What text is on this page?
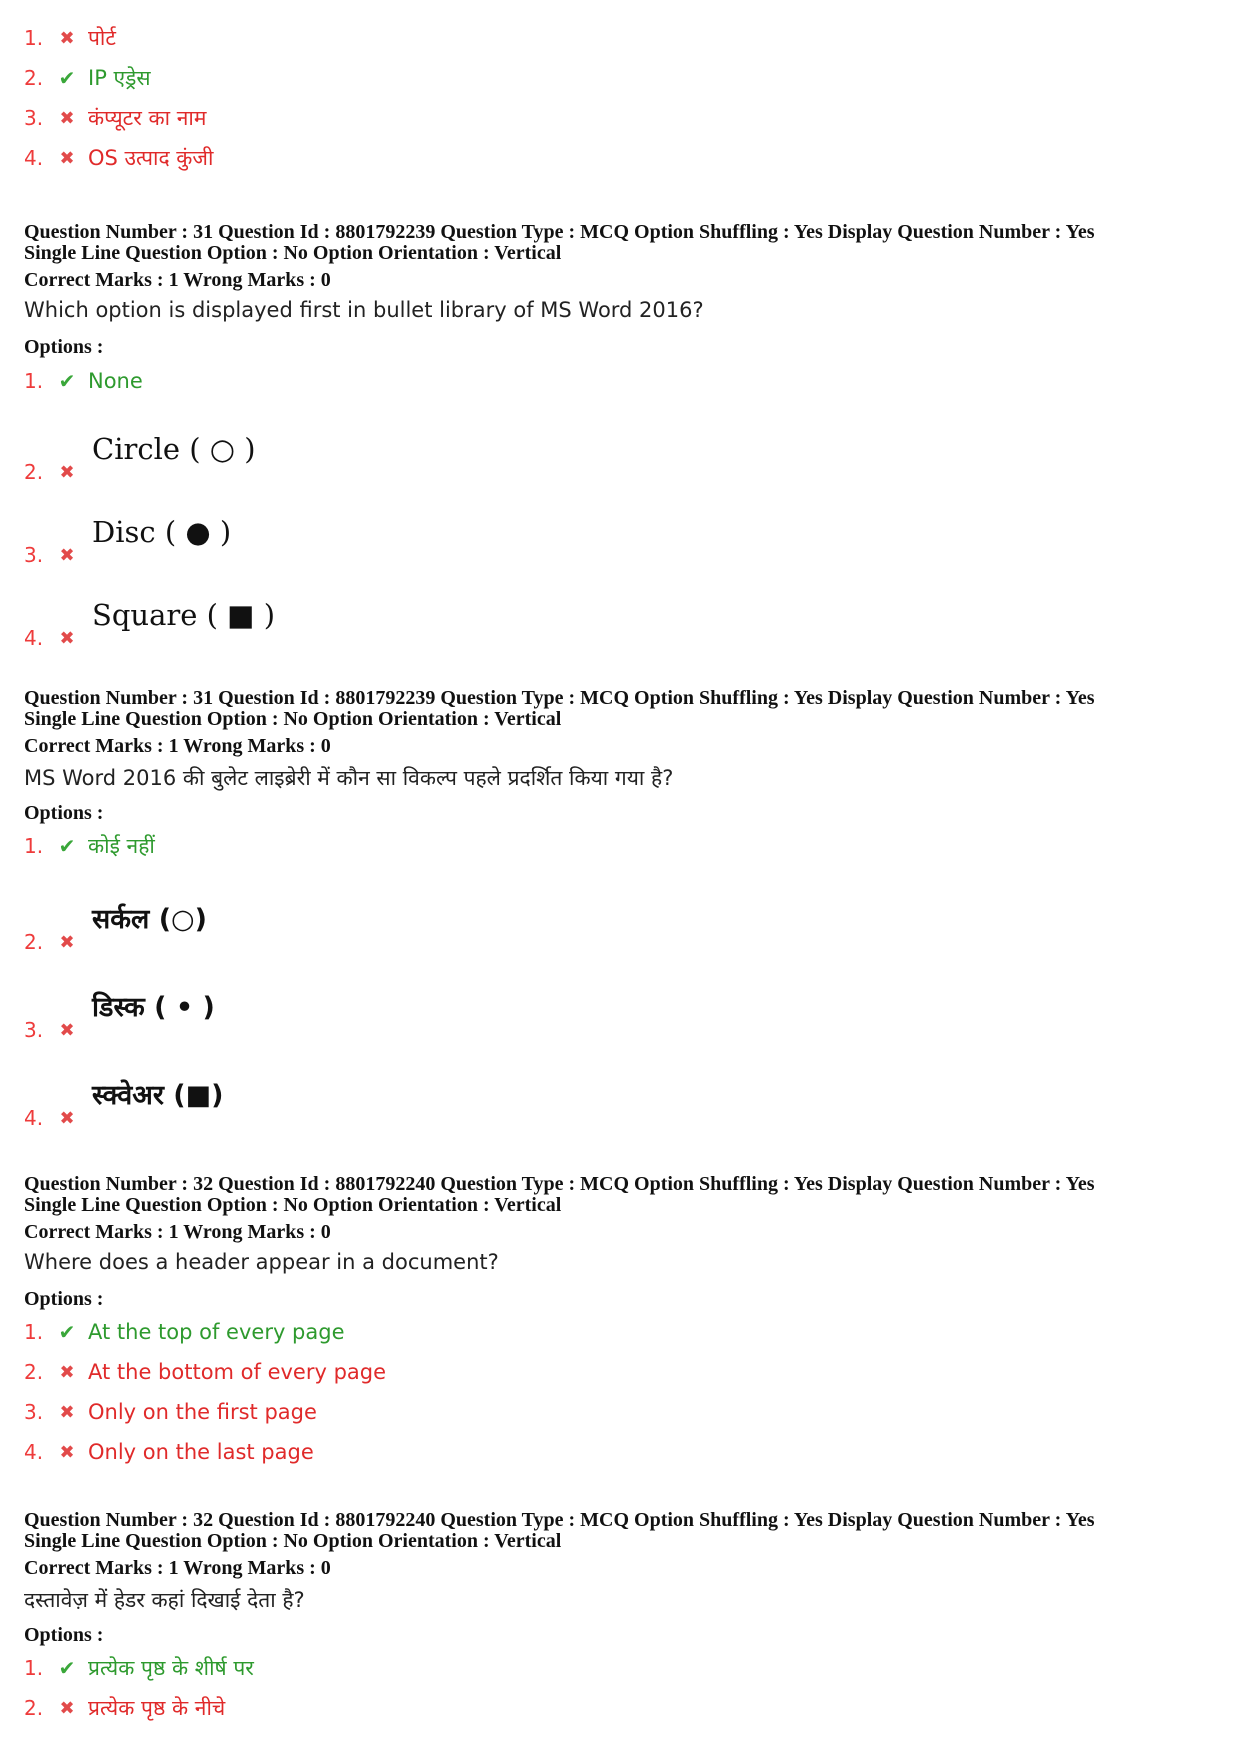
1. ✖ पोर्ट
2. ✔ IP एड्रेस
3. ✖ कंप्यूटर का नाम
4. ✖ OS उत्पाद कुंजी
Question Number : 31 Question Id : 8801792239 Question Type : MCQ Option Shuffling : Yes Display Question Number : Yes
Single Line Question Option : No Option Orientation : Vertical
Correct Marks : 1 Wrong Marks : 0
Which option is displayed first in bullet library of MS Word 2016?
Options :
1. ✔ None
2. ✖
Circle ( ○ )
3. ✖
Disc ( ● )
4. ✖
Square ( ■ )
Question Number : 31 Question Id : 8801792239 Question Type : MCQ Option Shuffling : Yes Display Question Number : Yes
Single Line Question Option : No Option Orientation : Vertical
Correct Marks : 1 Wrong Marks : 0
MS Word 2016 की बुलेट लाइब्रेरी में कौन सा विकल्प पहले प्रदर्शित किया गया है?
Options :
1. ✔ कोई नहीं
2. ✖
सर्कल (○)
3. ✖
डिस्क ( • )
4. ✖
स्क्वेअर (■)
Question Number : 32 Question Id : 8801792240 Question Type : MCQ Option Shuffling : Yes Display Question Number : Yes
Single Line Question Option : No Option Orientation : Vertical
Correct Marks : 1 Wrong Marks : 0
Where does a header appear in a document?
Options :
1. ✔ At the top of every page
2. ✖ At the bottom of every page
3. ✖ Only on the first page
4. ✖ Only on the last page
Question Number : 32 Question Id : 8801792240 Question Type : MCQ Option Shuffling : Yes Display Question Number : Yes
Single Line Question Option : No Option Orientation : Vertical
Correct Marks : 1 Wrong Marks : 0
दस्तावेज़ में हेडर कहां दिखाई देता है?
Options :
1. ✔ प्रत्येक पृष्ठ के शीर्ष पर
2. ✖ प्रत्येक पृष्ठ के नीचे
